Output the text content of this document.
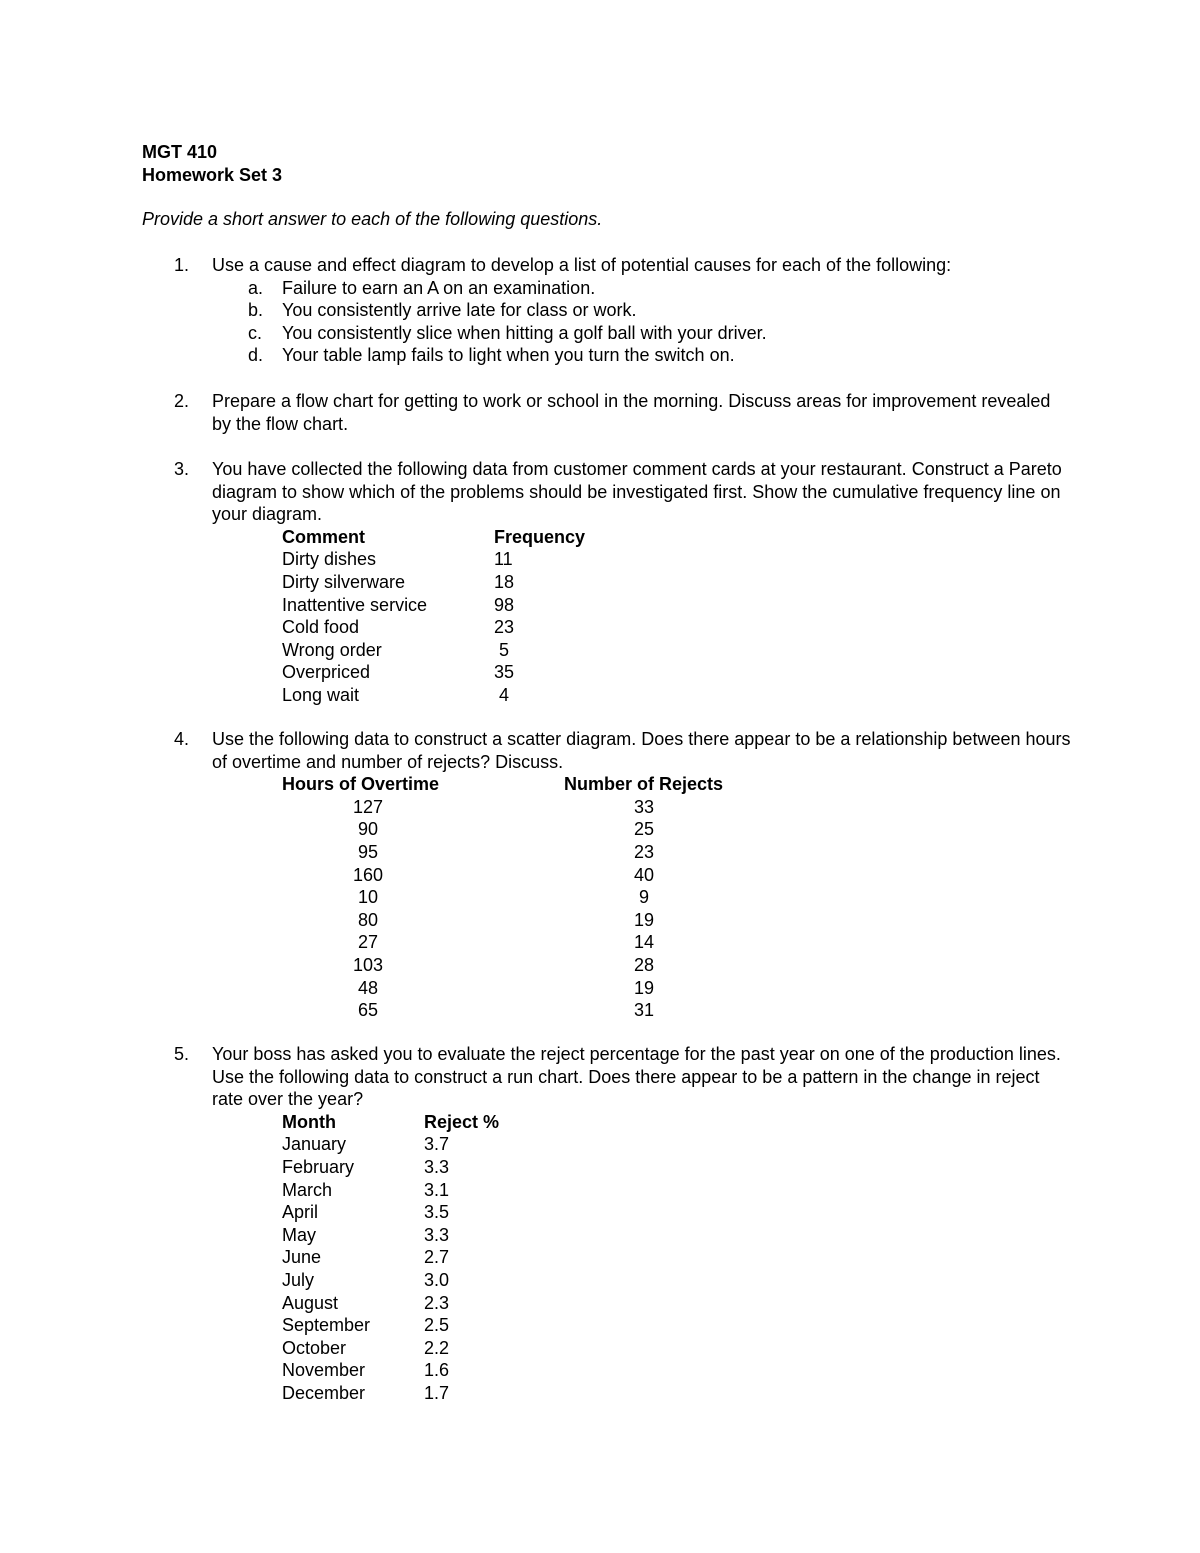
MGT 410
Homework Set 3
Provide a short answer to each of the following questions.
1. Use a cause and effect diagram to develop a list of potential causes for each of the following:
a. Failure to earn an A on an examination.
b. You consistently arrive late for class or work.
c. You consistently slice when hitting a golf ball with your driver.
d. Your table lamp fails to light when you turn the switch on.
2. Prepare a flow chart for getting to work or school in the morning. Discuss areas for improvement revealed by the flow chart.
3. You have collected the following data from customer comment cards at your restaurant. Construct a Pareto diagram to show which of the problems should be investigated first. Show the cumulative frequency line on your diagram.
Comment	Frequency
Dirty dishes	11
Dirty silverware	18
Inattentive service	98
Cold food	23
Wrong order	5
Overpriced	35
Long wait	4
4. Use the following data to construct a scatter diagram. Does there appear to be a relationship between hours of overtime and number of rejects? Discuss.
Hours of Overtime	Number of Rejects
127	33
90	25
95	23
160	40
10	9
80	19
27	14
103	28
48	19
65	31
5. Your boss has asked you to evaluate the reject percentage for the past year on one of the production lines. Use the following data to construct a run chart. Does there appear to be a pattern in the change in reject rate over the year?
Month	Reject %
January	3.7
February	3.3
March	3.1
April	3.5
May	3.3
June	2.7
July	3.0
August	2.3
September	2.5
October	2.2
November	1.6
December	1.7
